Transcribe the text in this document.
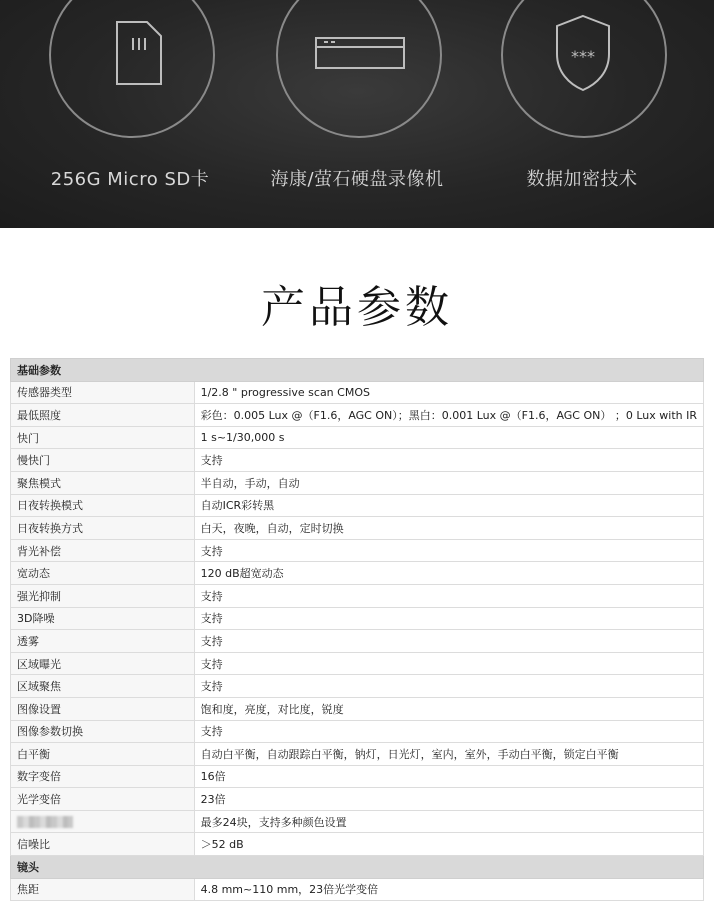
256G Micro SD卡	海康/萤石硬盘录像机
***
数据加密技术
产品参数
基础参数	
传感器类型	1/2.8 " progressive scan CMOS
最低照度	彩色：0.005 Lux @（F1.6，AGC ON）；黑白：0.001 Lux @（F1.6，AGC ON） ；0 Lux with IR
快门	1 s~1/30,000 s
慢快门	支持
聚焦模式	半自动，手动，自动
日夜转换模式	自动ICR彩转黑
日夜转换方式	白天，夜晚，自动，定时切换
背光补偿	支持
宽动态	120 dB超宽动态
强光抑制	支持
3D降噪	支持
透雾	支持
区域曝光	支持
区域聚焦	支持
图像设置	饱和度，亮度，对比度，锐度
图像参数切换	支持
白平衡	自动白平衡，自动跟踪白平衡，钠灯，日光灯，室内，室外，手动白平衡，锁定白平衡
数字变倍	16倍
光学变倍	23倍
	最多24块，支持多种颜色设置
信噪比	＞52 dB
镜头	
焦距	4.8 mm~110 mm，23倍光学变倍
